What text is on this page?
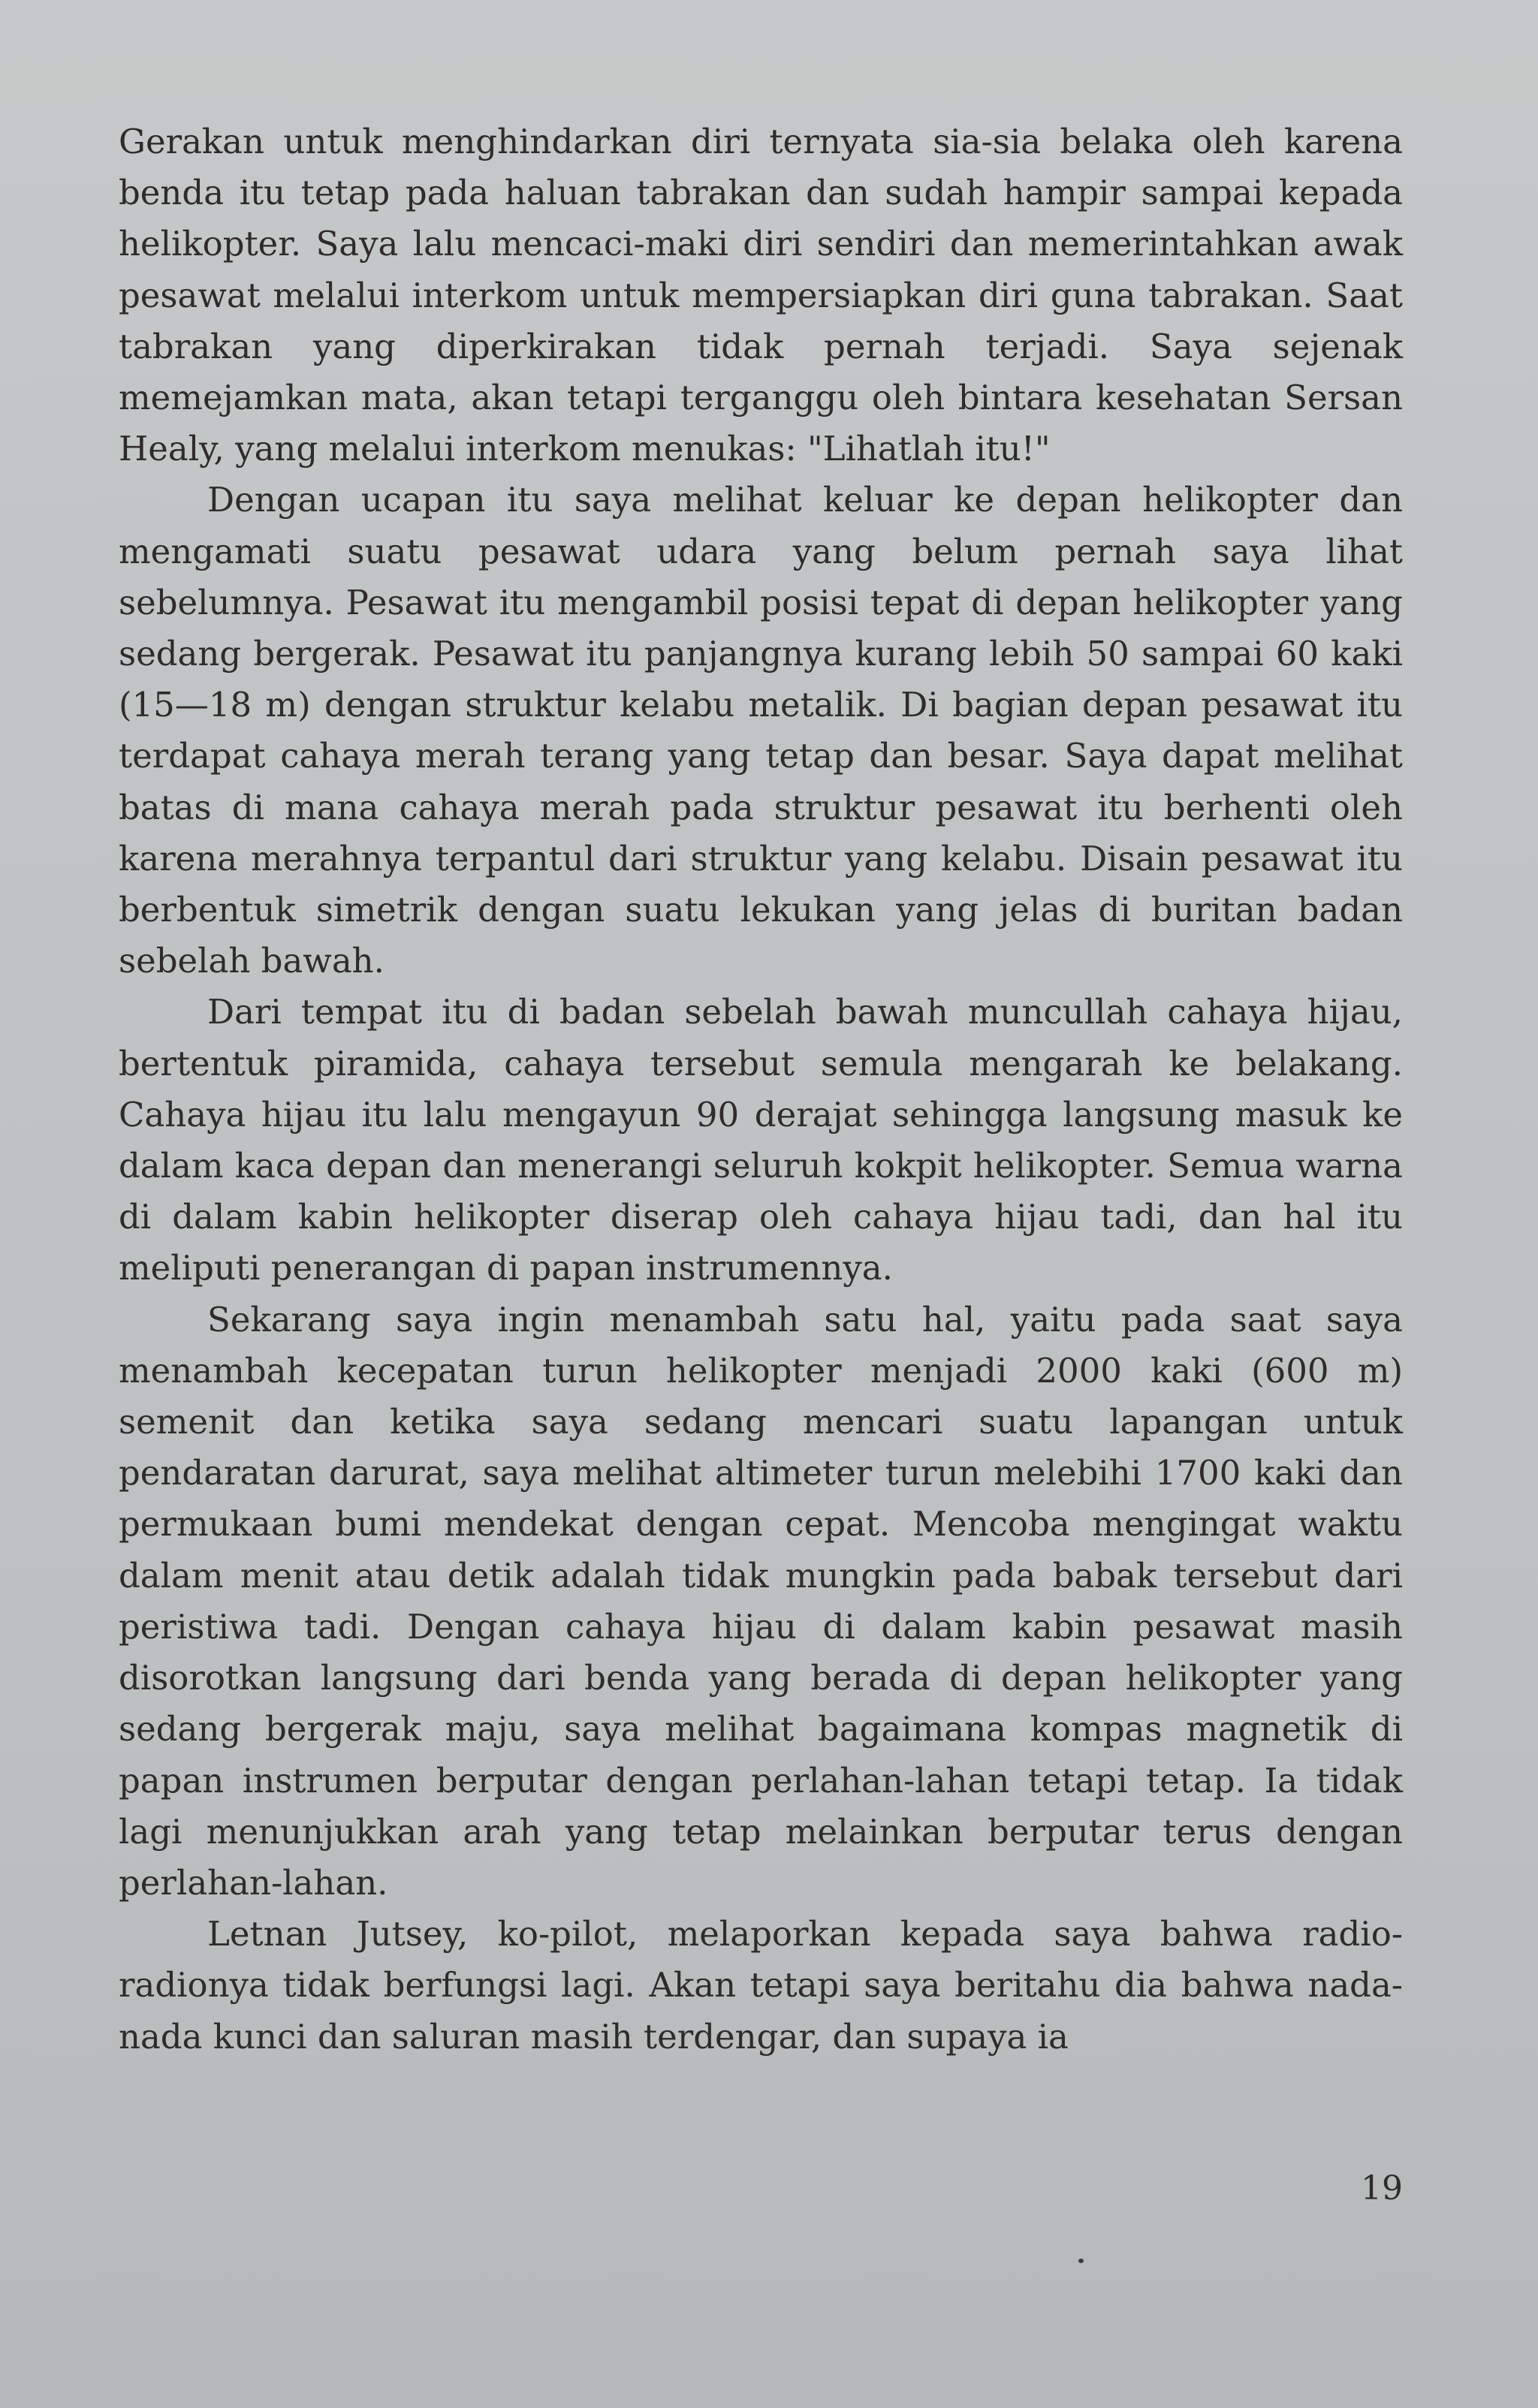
Gerakan untuk menghindarkan diri ternyata sia-sia belaka oleh karena benda itu tetap pada haluan tabrakan dan sudah hampir sampai kepada helikopter. Saya lalu mencaci-maki diri sendiri dan memerintahkan awak pesawat melalui interkom untuk mempersiapkan diri guna tabrakan. Saat tabrakan yang diperkirakan tidak pernah terjadi. Saya sejenak memejamkan mata, akan tetapi terganggu oleh bintara kesehatan Sersan Healy, yang melalui interkom menukas: "Lihatlah itu!"

Dengan ucapan itu saya melihat keluar ke depan helikopter dan mengamati suatu pesawat udara yang belum pernah saya lihat sebelumnya. Pesawat itu mengambil posisi tepat di depan helikopter yang sedang bergerak. Pesawat itu panjangnya kurang lebih 50 sampai 60 kaki (15—18 m) dengan struktur kelabu metalik. Di bagian depan pesawat itu terdapat cahaya merah terang yang tetap dan besar. Saya dapat melihat batas di mana cahaya merah pada struktur pesawat itu berhenti oleh karena merahnya terpantul dari struktur yang kelabu. Disain pesawat itu berbentuk simetrik dengan suatu lekukan yang jelas di buritan badan sebelah bawah.

Dari tempat itu di badan sebelah bawah muncullah cahaya hijau, bertentuk piramida, cahaya tersebut semula mengarah ke belakang. Cahaya hijau itu lalu mengayun 90 derajat sehingga langsung masuk ke dalam kaca depan dan menerangi seluruh kokpit helikopter. Semua warna di dalam kabin helikopter diserap oleh cahaya hijau tadi, dan hal itu meliputi penerangan di papan instrumennya.

Sekarang saya ingin menambah satu hal, yaitu pada saat saya menambah kecepatan turun helikopter menjadi 2000 kaki (600 m) semenit dan ketika saya sedang mencari suatu lapangan untuk pendaratan darurat, saya melihat altimeter turun melebihi 1700 kaki dan permukaan bumi mendekat dengan cepat. Mencoba mengingat waktu dalam menit atau detik adalah tidak mungkin pada babak tersebut dari peristiwa tadi. Dengan cahaya hijau di dalam kabin pesawat masih disorotkan langsung dari benda yang berada di depan helikopter yang sedang bergerak maju, saya melihat bagaimana kompas magnetik di papan instrumen berputar dengan perlahan-lahan tetapi tetap. Ia tidak lagi menunjukkan arah yang tetap melainkan berputar terus dengan perlahan-lahan.

Letnan Jutsey, ko-pilot, melaporkan kepada saya bahwa radio-radionya tidak berfungsi lagi. Akan tetapi saya beritahu dia bahwa nada-nada kunci dan saluran masih terdengar, dan supaya ia

19
